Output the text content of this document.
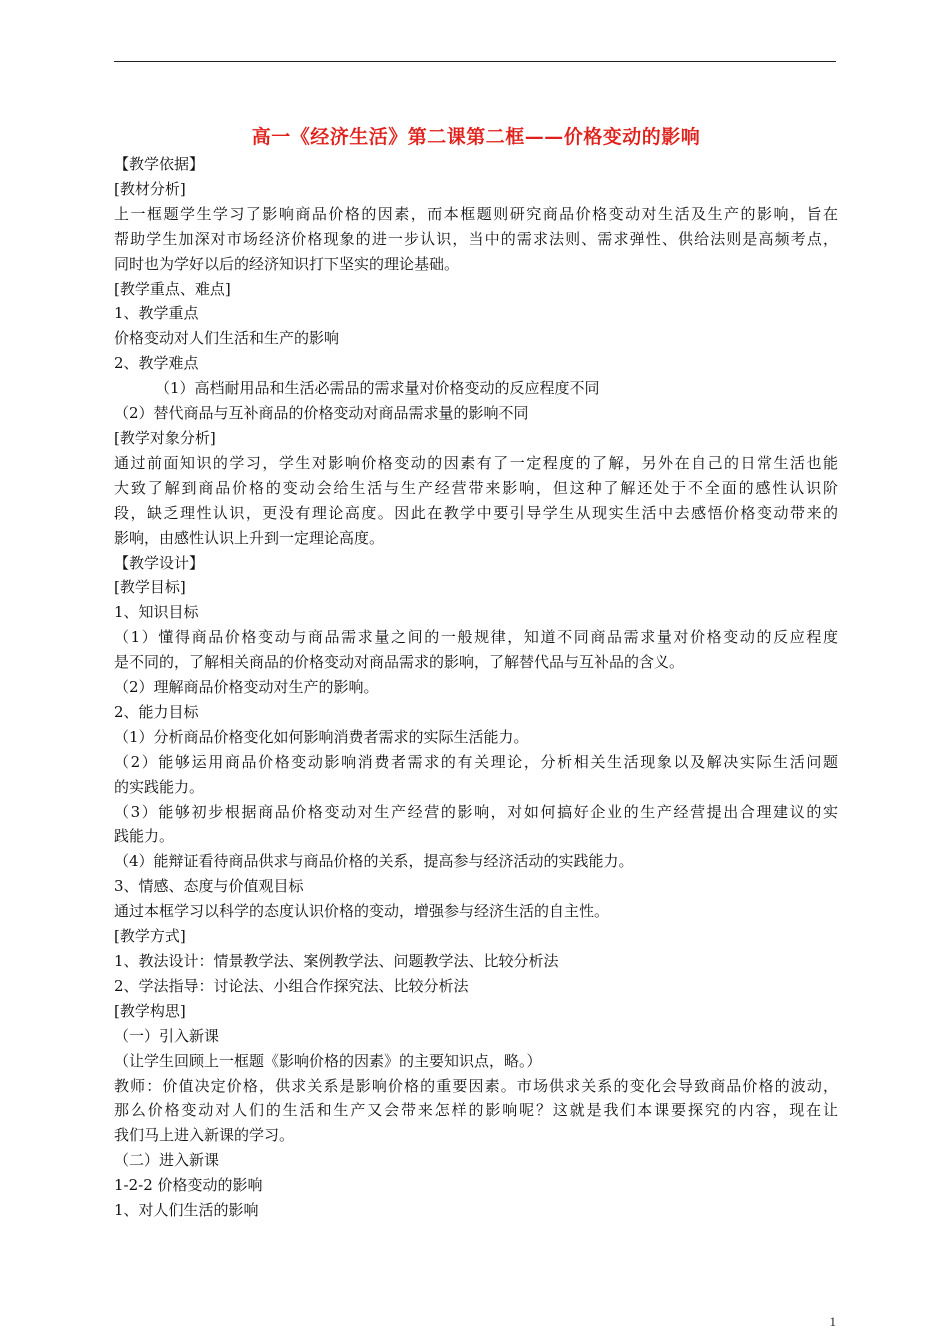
高一《经济生活》第二课第二框——价格变动的影响
【教学依据】
[教材分析]
上一框题学生学习了影响商品价格的因素，而本框题则研究商品价格变动对生活及生产的影响，旨在
帮助学生加深对市场经济价格现象的进一步认识，当中的需求法则、需求弹性、供给法则是高频考点，
同时也为学好以后的经济知识打下坚实的理论基础。
[教学重点、难点]
1、教学重点
价格变动对人们生活和生产的影响
2、教学难点
（1）高档耐用品和生活必需品的需求量对价格变动的反应程度不同
（2）替代商品与互补商品的价格变动对商品需求量的影响不同
[教学对象分析]
通过前面知识的学习，学生对影响价格变动的因素有了一定程度的了解，另外在自己的日常生活也能
大致了解到商品价格的变动会给生活与生产经营带来影响，但这种了解还处于不全面的感性认识阶
段，缺乏理性认识，更没有理论高度。因此在教学中要引导学生从现实生活中去感悟价格变动带来的
影响，由感性认识上升到一定理论高度。
【教学设计】
[教学目标]
1、知识目标
（1）懂得商品价格变动与商品需求量之间的一般规律，知道不同商品需求量对价格变动的反应程度
是不同的，了解相关商品的价格变动对商品需求的影响，了解替代品与互补品的含义。
（2）理解商品价格变动对生产的影响。
2、能力目标
（1）分析商品价格变化如何影响消费者需求的实际生活能力。
（2）能够运用商品价格变动影响消费者需求的有关理论，分析相关生活现象以及解决实际生活问题
的实践能力。
（3）能够初步根据商品价格变动对生产经营的影响，对如何搞好企业的生产经营提出合理建议的实
践能力。
（4）能辩证看待商品供求与商品价格的关系，提高参与经济活动的实践能力。
3、情感、态度与价值观目标
通过本框学习以科学的态度认识价格的变动，增强参与经济生活的自主性。
[教学方式]
1、教法设计：情景教学法、案例教学法、问题教学法、比较分析法
2、学法指导：讨论法、小组合作探究法、比较分析法
[教学构思]
（一）引入新课
（让学生回顾上一框题《影响价格的因素》的主要知识点，略。）
教师：价值决定价格，供求关系是影响价格的重要因素。市场供求关系的变化会导致商品价格的波动，
那么价格变动对人们的生活和生产又会带来怎样的影响呢？这就是我们本课要探究的内容，现在让
我们马上进入新课的学习。
（二）进入新课
1-2-2 价格变动的影响
1、对人们生活的影响
1
